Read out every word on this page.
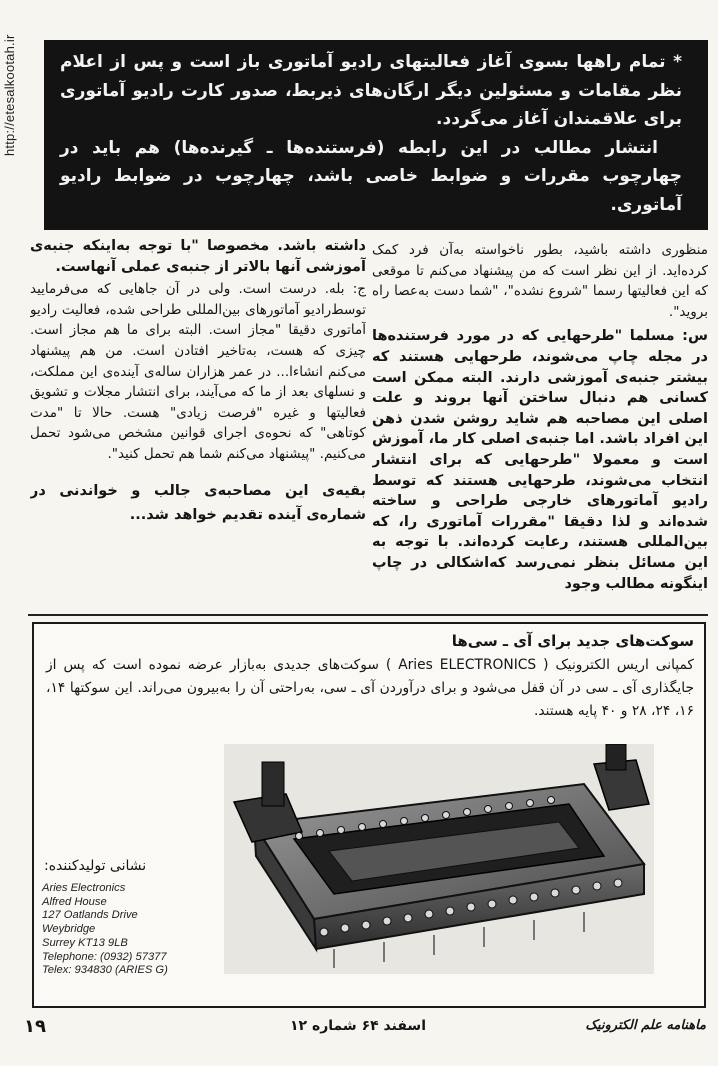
http://etesalkootah.ir	* تمام راهها بسوی آغاز فعالیتهای رادیو آماتوری باز است و پس از اعلام نظر مقامات و مسئولین دیگر ارگان‌های ذیربط، صدور کارت رادیو آماتوری برای علاقمندان آغاز می‌گردد.

انتشار مطالب در این رابطه (فرستنده‌ها ـ گیرنده‌ها) هم باید در چهارچوب مقررات و ضوابط خاصی باشد، چهارچوب در ضوابط رادیو آماتوری.

منظوری داشته باشید، بطور ناخواسته به‌آن فرد کمک کرده‌اید. از این نظر است که من پیشنهاد می‌کنم تا موقعی که این فعالیتها رسما "شروع نشده"، "شما دست به‌عصا راه بروید".

س: مسلما "طرحهایی که در مورد فرستنده‌ها در مجله چاپ می‌شوند، طرحهایی هستند که بیشتر جنبه‌ی آموزشی دارند. البته ممکن است کسانی هم دنبال ساختن آنها بروند و علت اصلی این مصاحبه هم شاید روشن شدن ذهن این افراد باشد. اما جنبه‌ی اصلی کار ما، آموزش است و معمولا "طرحهایی که برای انتشار انتخاب می‌شوند، طرحهایی هستند که توسط رادیو آماتورهای خارجی طراحی و ساخته شده‌اند و لذا دقیقا "مقررات آماتوری را، که بین‌المللی هستند، رعایت کرده‌اند. با توجه به این مسائل بنظر نمی‌رسد که‌اشکالی در چاپ اینگونه مطالب وجود

داشته باشد. مخصوصا "با توجه به‌اینکه جنبه‌ی آموزشی آنها بالاتر از جنبه‌ی عملی آنهاست.

ج: بله. درست است. ولی در آن جاهایی که می‌فرمایید توسط‌رادیو آماتورهای بین‌المللی طراحی شده، فعالیت رادیو آماتوری دقیقا "مجاز است. البته برای ما هم مجاز است. چیزی که هست، به‌تاخیر افتادن است. من هم پیشنهاد می‌کنم انشاءا... در عمر هزاران ساله‌ی آینده‌ی این مملکت، و نسلهای بعد از ما که می‌آیند، برای انتشار مجلات و تشویق فعالیتها و غیره "فرصت زیادی" هست. حالا تا "مدت کوتاهی" که نحوه‌ی اجرای قوانین مشخص می‌شود تحمل می‌کنیم. "پیشنهاد می‌کنم شما هم تحمل کنید".

بقیه‌ی این مصاحبه‌ی جالب و خواندنی در شماره‌ی آینده تقدیم خواهد شد...

سوکت‌های جدید برای آی ـ سی‌ها
کمپانی اریس الکترونیک ( Aries ELECTRONICS ) سوکت‌های جدیدی به‌بازار عرضه نموده است که پس از جایگذاری آی ـ سی در آن قفل می‌شود و برای درآوردن آی ـ سی، به‌راحتی آن را به‌بیرون می‌راند. این سوکتها ۱۴، ۱۶، ۲۴، ۲۸ و ۴۰ پایه هستند.
نشانی تولیدکننده:
Aries Electronics
Alfred House
127 Oatlands Drive
Weybridge
Surrey KT13 9LB
Telephone: (0932) 57377
Telex: 934830 (ARIES G)
۱۹	اسفند ۶۴ شماره ۱۲	ماهنامه علم الکترونیک
